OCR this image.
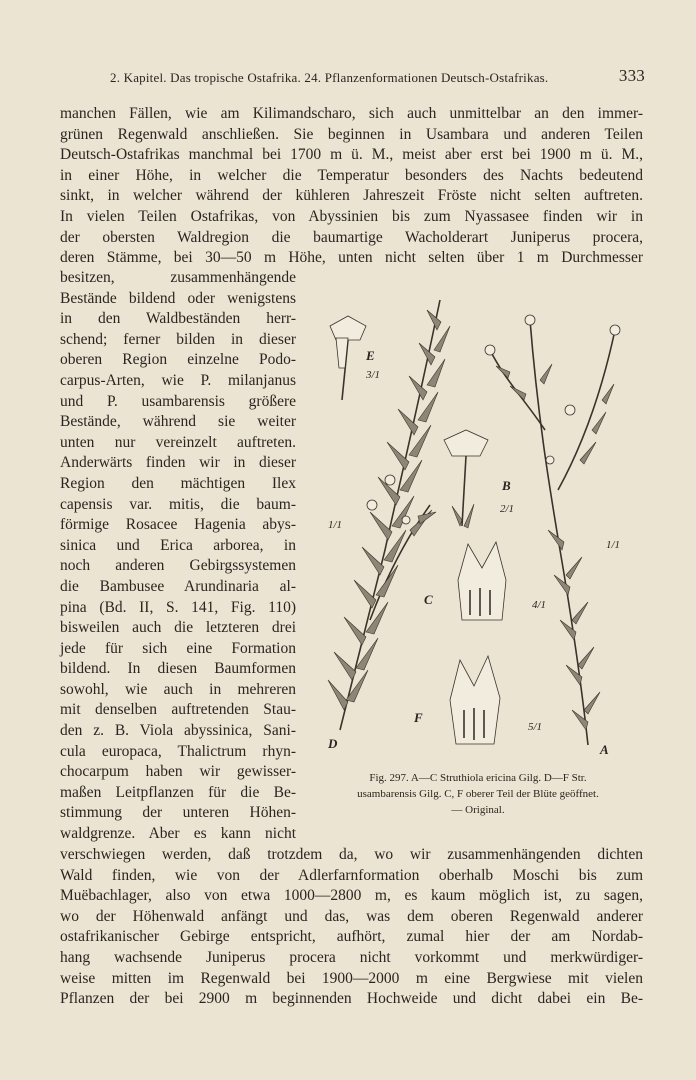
2. Kapitel. Das tropische Ostafrika. 24. Pflanzenformationen Deutsch-Ostafrikas.	333

manchen Fällen, wie am Kilimandscharo, sich auch unmittelbar an den immer-

grünen Regenwald anschließen. Sie beginnen in Usambara und anderen Teilen

Deutsch-Ostafrikas manchmal bei 1700 m ü. M., meist aber erst bei 1900 m ü. M.,

in einer Höhe, in welcher die Temperatur besonders des Nachts bedeutend

sinkt, in welcher während der kühleren Jahreszeit Fröste nicht selten auftreten.

In vielen Teilen Ostafrikas, von Abyssinien bis zum Nyassasee finden wir in

der obersten Waldregion die baumartige Wacholderart Juniperus procera,

deren Stämme, bei 30—50 m Höhe, unten nicht selten über 1 m Durchmesser

besitzen, zusammenhängende
Bestände bildend oder wenigstens
in den Waldbeständen herr-
schend; ferner bilden in dieser
oberen Region einzelne Podo-
carpus-Arten, wie P. milanjanus
und P. usambarensis größere
Bestände, während sie weiter
unten nur vereinzelt auftreten.
Anderwärts finden wir in dieser
Region den mächtigen Ilex
capensis var. mitis, die baum-
förmige Rosacee Hagenia abys-
sinica und Erica arborea, in
noch anderen Gebirgssystemen
die Bambusee Arundinaria al-
pina (Bd. II, S. 141, Fig. 110)
bisweilen auch die letzteren drei
jede für sich eine Formation
bildend. In diesen Baumformen
sowohl, wie auch in mehreren
mit denselben auftretenden Stau-
den z. B. Viola abyssinica, Sani-
cula europaca, Thalictrum rhyn-
chocarpum haben wir gewisser-
maßen Leitpflanzen für die Be-
stimmung der unteren Höhen-
waldgrenze. Aber es kann nicht
D
1/1
E
3/1
B
2/1
C	4/1
F
5/1
A
1/1
Fig. 297. A—C Struthiola ericina Gilg. D—F Str.
usambarensis Gilg. C, F oberer Teil der Blüte geöffnet.
— Original.

verschwiegen werden, daß trotzdem da, wo wir zusammenhängenden dichten

Wald finden, wie von der Adlerfarnformation oberhalb Moschi bis zum

Muëbachlager, also von etwa 1000—2800 m, es kaum möglich ist, zu sagen,

wo der Höhenwald anfängt und das, was dem oberen Regenwald anderer

ostafrikanischer Gebirge entspricht, aufhört, zumal hier der am Nordab-

hang wachsende Juniperus procera nicht vorkommt und merkwürdiger-

weise mitten im Regenwald bei 1900—2000 m eine Bergwiese mit vielen

Pflanzen der bei 2900 m beginnenden Hochweide und dicht dabei ein Be-
